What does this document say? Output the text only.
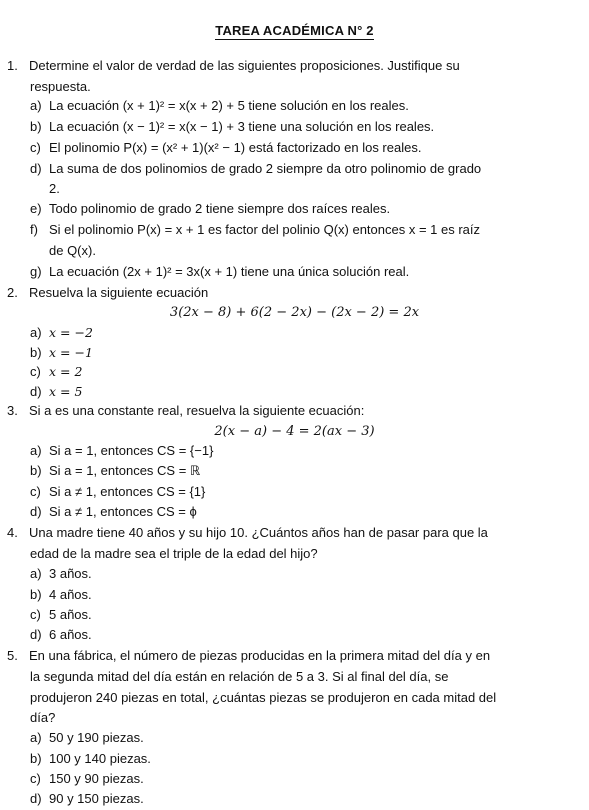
TAREA ACADÉMICA N° 2
1. Determine el valor de verdad de las siguientes proposiciones. Justifique su
respuesta.
a) La ecuación (x + 1)² = x(x + 2) + 5 tiene solución en los reales.
b) La ecuación (x − 1)² = x(x − 1) + 3 tiene una solución en los reales.
c) El polinomio P(x) = (x² + 1)(x² − 1) está factorizado en los reales.
d) La suma de dos polinomios de grado 2 siempre da otro polinomio de grado
2.
e) Todo polinomio de grado 2 tiene siempre dos raíces reales.
f) Si el polinomio P(x) = x + 1 es factor del polinio Q(x) entonces x = 1 es raíz
de Q(x).
g) La ecuación (2x + 1)² = 3x(x + 1) tiene una única solución real.
2. Resuelva la siguiente ecuación
3(2x − 8) + 6(2 − 2x) − (2x − 2) = 2x
a) x = −2
b) x = −1
c) x = 2
d) x = 5
3. Si a es una constante real, resuelva la siguiente ecuación:
2(x − a) − 4 = 2(ax − 3)
a) Si a = 1, entonces CS = {−1}
b) Si a = 1, entonces CS = ℝ
c) Si a ≠ 1, entonces CS = {1}
d) Si a ≠ 1, entonces CS = ϕ
4. Una madre tiene 40 años y su hijo 10. ¿Cuántos años han de pasar para que la
edad de la madre sea el triple de la edad del hijo?
a) 3 años.
b) 4 años.
c) 5 años.
d) 6 años.
5. En una fábrica, el número de piezas producidas en la primera mitad del día y en
la segunda mitad del día están en relación de 5 a 3. Si al final del día, se
produjeron 240 piezas en total, ¿cuántas piezas se produjeron en cada mitad del
día?
a) 50 y 190 piezas.
b) 100 y 140 piezas.
c) 150 y 90 piezas.
d) 90 y 150 piezas.
